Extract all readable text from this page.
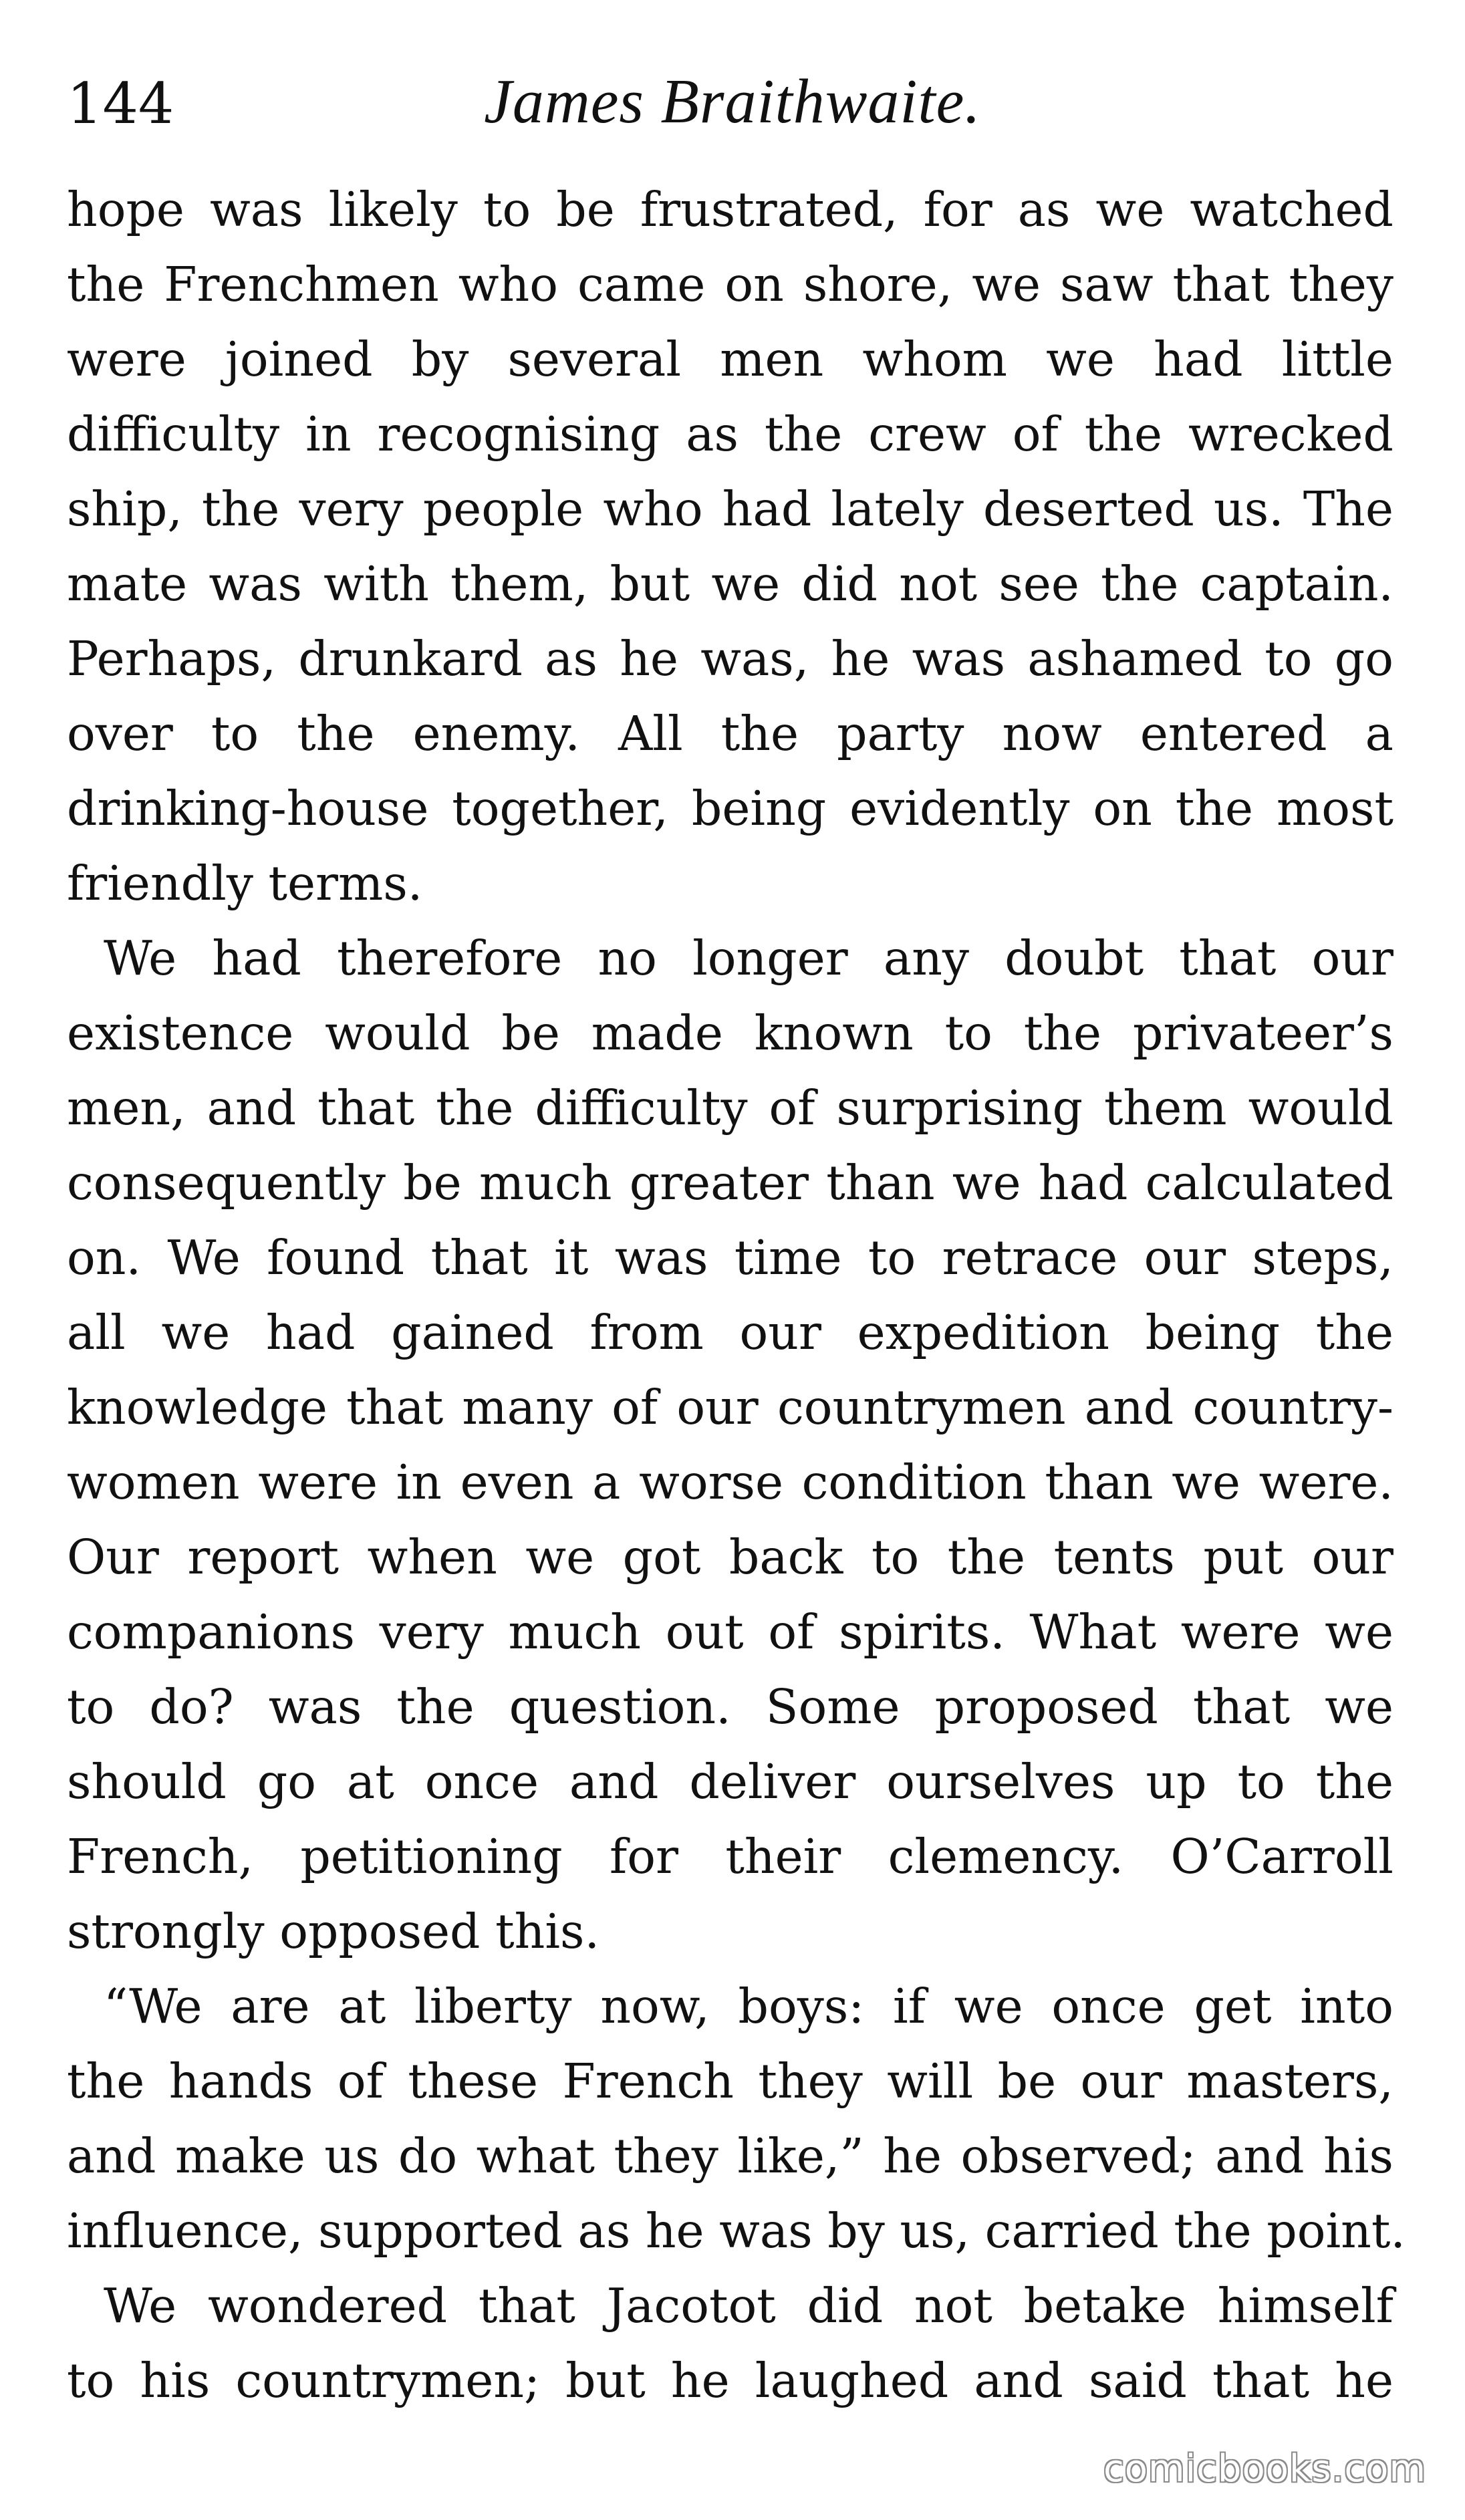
144	James Braithwaite.
hope was likely to be frustrated, for as we watched
the Frenchmen who came on shore, we saw that they
were joined by several men whom we had little
difficulty in recognising as the crew of the wrecked
ship, the very people who had lately deserted us. The
mate was with them, but we did not see the captain.
Perhaps, drunkard as he was, he was ashamed to go
over to the enemy. All the party now entered a
drinking-house together, being evidently on the most
friendly terms.
We had therefore no longer any doubt that our
existence would be made known to the privateer’s
men, and that the difficulty of surprising them would
consequently be much greater than we had calculated
on. We found that it was time to retrace our steps,
all we had gained from our expedition being the
knowledge that many of our countrymen and country-
women were in even a worse condition than we were.
Our report when we got back to the tents put our
companions very much out of spirits. What were we
to do? was the question. Some proposed that we
should go at once and deliver ourselves up to the
French, petitioning for their clemency. O’Carroll
strongly opposed this.
“We are at liberty now, boys: if we once get into
the hands of these French they will be our masters,
and make us do what they like,” he observed; and his
influence, supported as he was by us, carried the point.
We wondered that Jacotot did not betake himself
to his countrymen; but he laughed and said that he
comicbooks.com
